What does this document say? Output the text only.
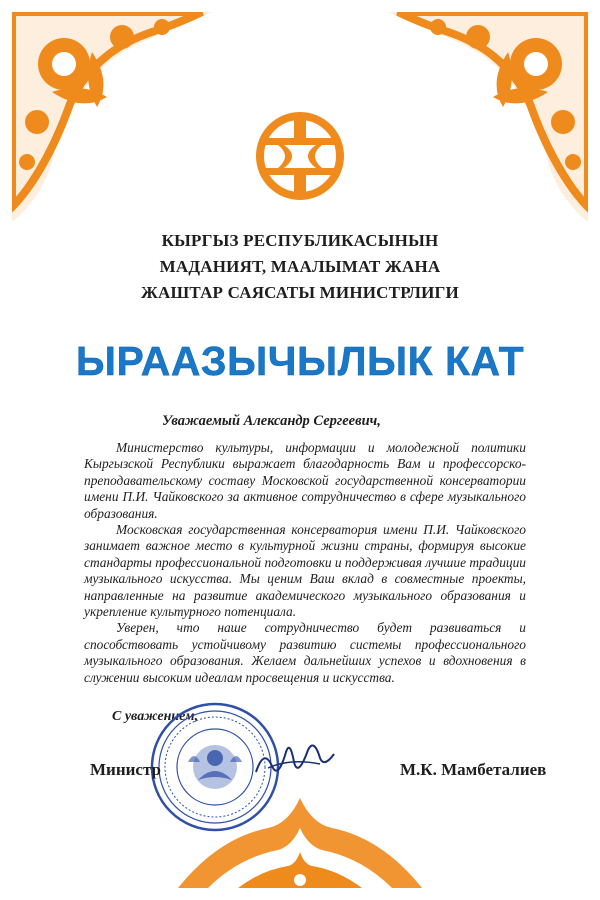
КЫРГЫЗ РЕСПУБЛИКАСЫНЫН
МАДАНИЯТ, МААЛЫМАТ ЖАНА
ЖАШТАР САЯСАТЫ МИНИСТРЛИГИ
ЫРААЗЫЧЫЛЫК КАТ
Уважаемый Александр Сергеевич,

Министерство культуры, информации и молодежной политики Кыргызской Республики выражает благодарность Вам и профессорско-преподавательскому составу Московской государственной консерватории имени П.И. Чайковского за активное сотрудничество в сфере музыкального образования.

Московская государственная консерватория имени П.И. Чайковского занимает важное место в культурной жизни страны, формируя высокие стандарты профессиональной подготовки и поддерживая лучшие традиции музыкального искусства. Мы ценим Ваш вклад в совместные проекты, направленные на развитие академического музыкального образования и укрепление культурного потенциала.

Уверен, что наше сотрудничество будет развиваться и способствовать устойчивому развитию системы профессионального музыкального образования. Желаем дальнейших успехов и вдохновения в служении высоким идеалам просвещения и искусства.

С уважением,
Министр	М.К. Мамбеталиев
